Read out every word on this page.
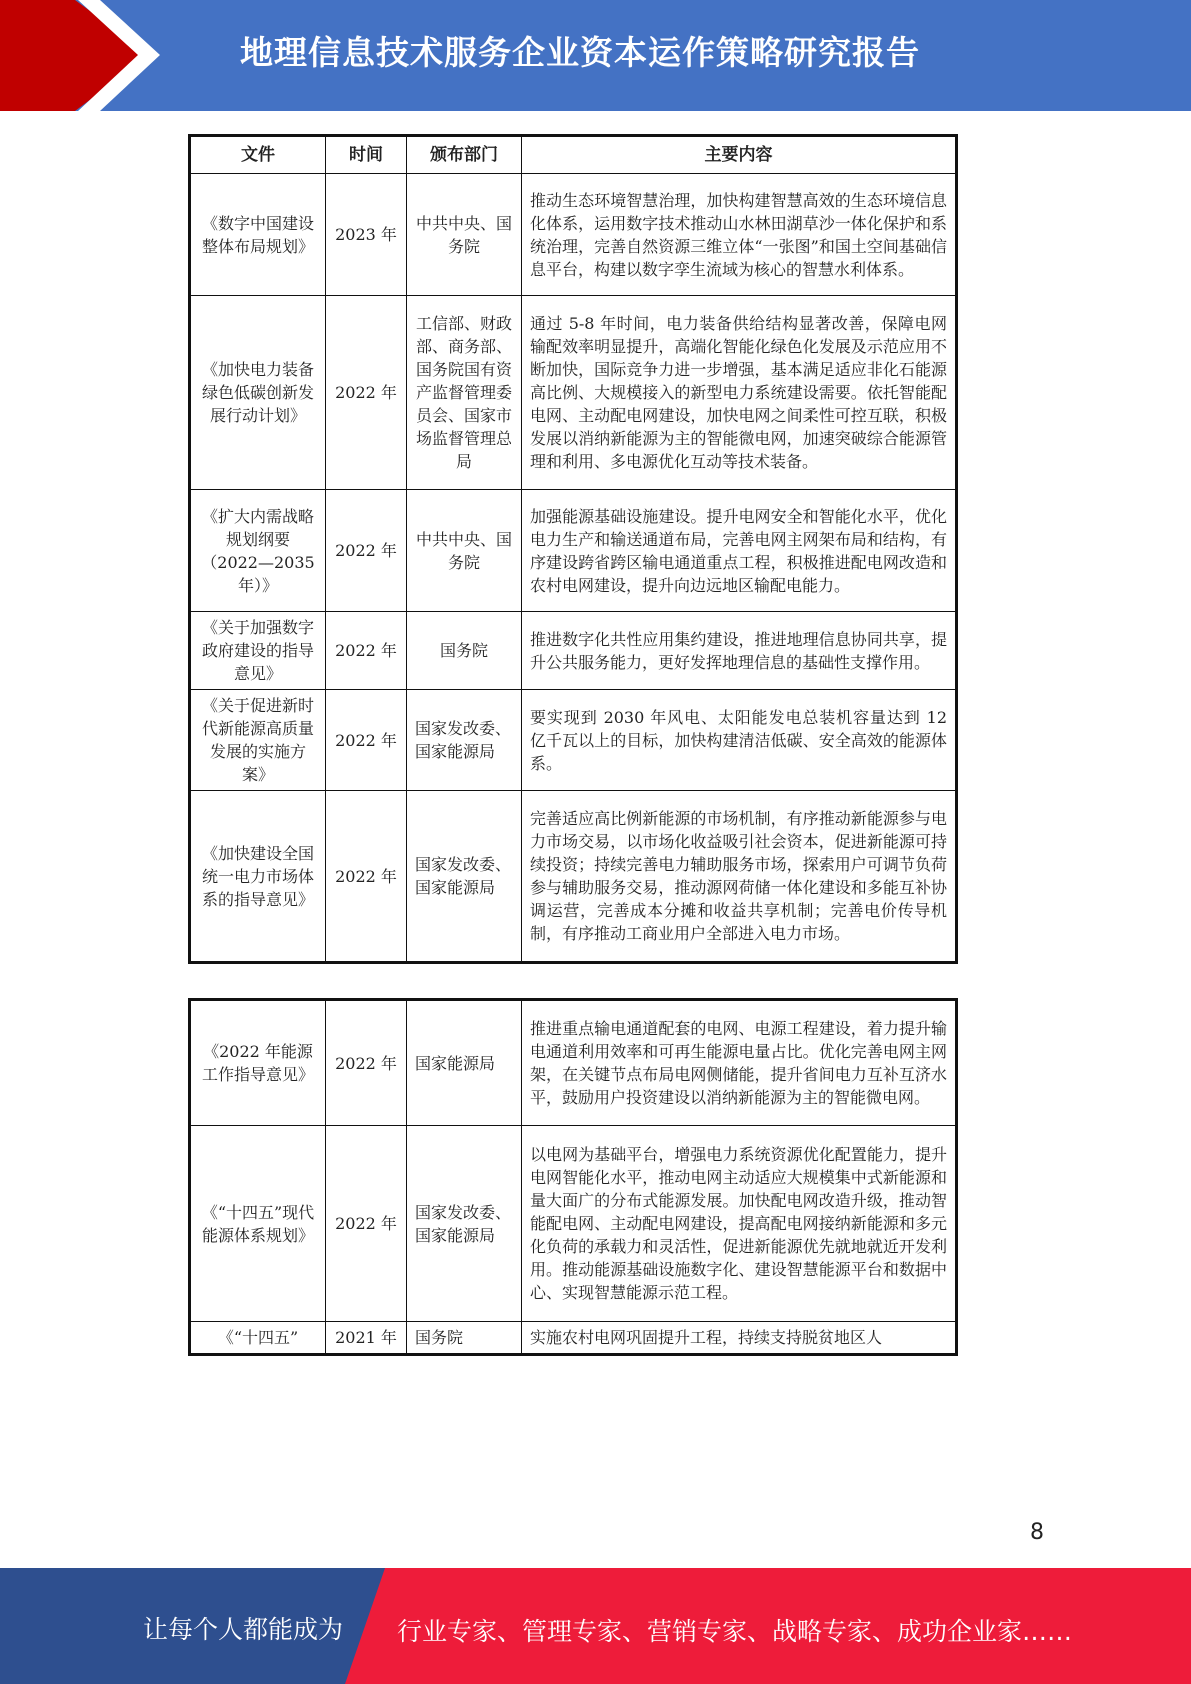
地理信息技术服务企业资本运作策略研究报告
文件	时间	颁布部门	主要内容
《数字中国建设整体布局规划》	2023 年	中共中央、国务院	推动生态环境智慧治理，加快构建智慧高效的生态环境信息化体系，运用数字技术推动山水林田湖草沙一体化保护和系统治理，完善自然资源三维立体“一张图”和国土空间基础信息平台，构建以数字孪生流域为核心的智慧水利体系。
《加快电力装备绿色低碳创新发展行动计划》	2022 年	工信部、财政部、商务部、国务院国有资产监督管理委员会、国家市场监督管理总局	通过 5-8 年时间，电力装备供给结构显著改善，保障电网输配效率明显提升，高端化智能化绿色化发展及示范应用不断加快，国际竞争力进一步增强，基本满足适应非化石能源高比例、大规模接入的新型电力系统建设需要。依托智能配电网、主动配电网建设，加快电网之间柔性可控互联，积极发展以消纳新能源为主的智能微电网，加速突破综合能源管理和利用、多电源优化互动等技术装备。
《扩大内需战略规划纲要（2022—2035 年）》	2022 年	中共中央、国务院	加强能源基础设施建设。提升电网安全和智能化水平，优化电力生产和输送通道布局，完善电网主网架布局和结构，有序建设跨省跨区输电通道重点工程，积极推进配电网改造和农村电网建设，提升向边远地区输配电能力。
《关于加强数字政府建设的指导意见》	2022 年	国务院	推进数字化共性应用集约建设，推进地理信息协同共享，提升公共服务能力，更好发挥地理信息的基础性支撑作用。
《关于促进新时代新能源高质量发展的实施方案》	2022 年	国家发改委、国家能源局	要实现到 2030 年风电、太阳能发电总装机容量达到 12 亿千瓦以上的目标，加快构建清洁低碳、安全高效的能源体系。
《加快建设全国统一电力市场体系的指导意见》	2022 年	国家发改委、国家能源局	完善适应高比例新能源的市场机制，有序推动新能源参与电力市场交易，以市场化收益吸引社会资本，促进新能源可持续投资；持续完善电力辅助服务市场，探索用户可调节负荷参与辅助服务交易，推动源网荷储一体化建设和多能互补协调运营，完善成本分摊和收益共享机制；完善电价传导机制，有序推动工商业用户全部进入电力市场。
《2022 年能源工作指导意见》	2022 年	国家能源局	推进重点输电通道配套的电网、电源工程建设，着力提升输电通道利用效率和可再生能源电量占比。优化完善电网主网架，在关键节点布局电网侧储能，提升省间电力互补互济水平，鼓励用户投资建设以消纳新能源为主的智能微电网。
《“十四五”现代能源体系规划》	2022 年	国家发改委、国家能源局	以电网为基础平台，增强电力系统资源优化配置能力，提升电网智能化水平，推动电网主动适应大规模集中式新能源和量大面广的分布式能源发展。加快配电网改造升级，推动智能配电网、主动配电网建设，提高配电网接纳新能源和多元化负荷的承载力和灵活性，促进新能源优先就地就近开发利用。推动能源基础设施数字化、建设智慧能源平台和数据中心、实现智慧能源示范工程。
《“十四五”	2021 年	国务院	实施农村电网巩固提升工程，持续支持脱贫地区人
8
让每个人都能成为 行业专家、管理专家、营销专家、战略专家、成功企业家……
